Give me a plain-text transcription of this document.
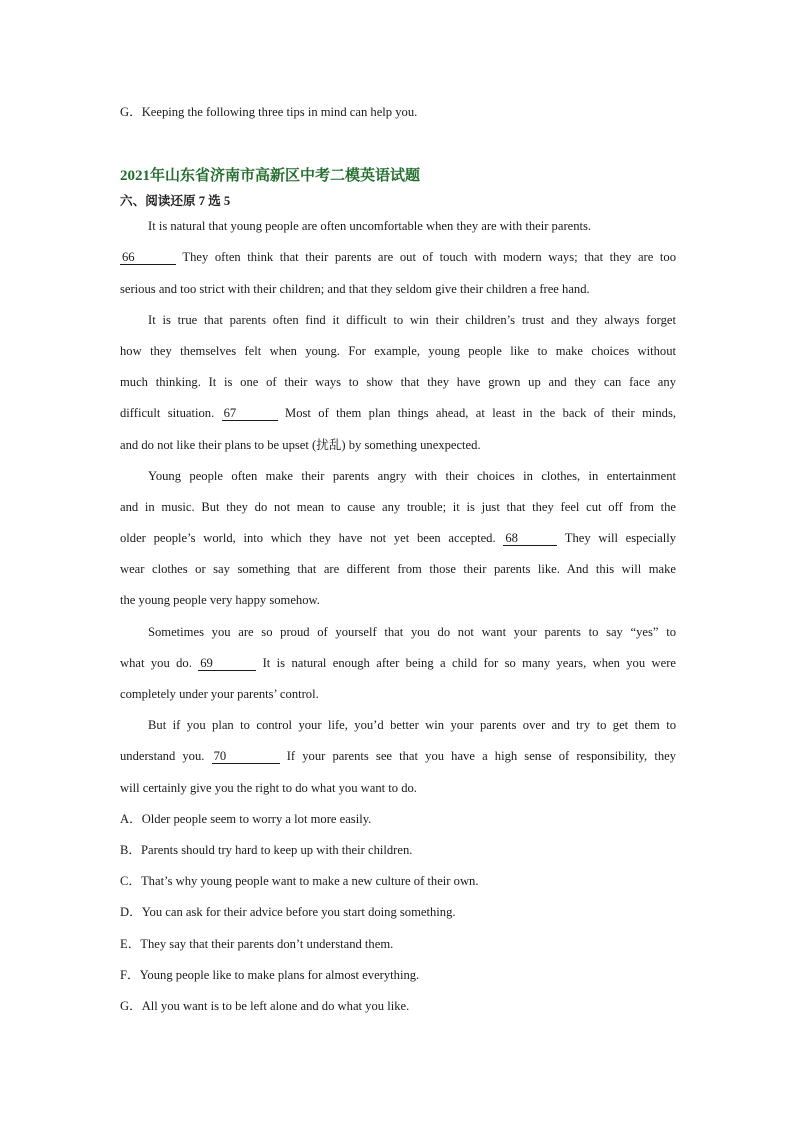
G．Keeping the following three tips in mind can help you.
2021年山东省济南市高新区中考二模英语试题
六、阅读还原 7 选 5
It is natural that young people are often uncomfortable when they are with their parents.
66	They often think that their parents are out of touch with modern ways; that they are too
serious and too strict with their children; and that they seldom give their children a free hand.
It is true that parents often find it difficult to win their children’s trust and they always forget
how they themselves felt when young. For example, young people like to make choices without
much thinking. It is one of their ways to show that they have grown up and they can face any
difficult situation. 67	Most of them plan things ahead, at least in the back of their minds,
and do not like their plans to be upset (扰乱) by something unexpected.
Young people often make their parents angry with their choices in clothes, in entertainment
and in music. But they do not mean to cause any trouble; it is just that they feel cut off from the
older people’s world, into which they have not yet been accepted. 68	They will especially
wear clothes or say something that are different from those their parents like. And this will make
the young people very happy somehow.
Sometimes you are so proud of yourself that you do not want your parents to say “yes” to
what you do. 69	It is natural enough after being a child for so many years, when you were
completely under your parents’ control.
But if you plan to control your life, you’d better win your parents over and try to get them to
understand you. 70	If your parents see that you have a high sense of responsibility, they
will certainly give you the right to do what you want to do.
A．Older people seem to worry a lot more easily.
B．Parents should try hard to keep up with their children.
C．That’s why young people want to make a new culture of their own.
D．You can ask for their advice before you start doing something.
E．They say that their parents don’t understand them.
F．Young people like to make plans for almost everything.
G．All you want is to be left alone and do what you like.
